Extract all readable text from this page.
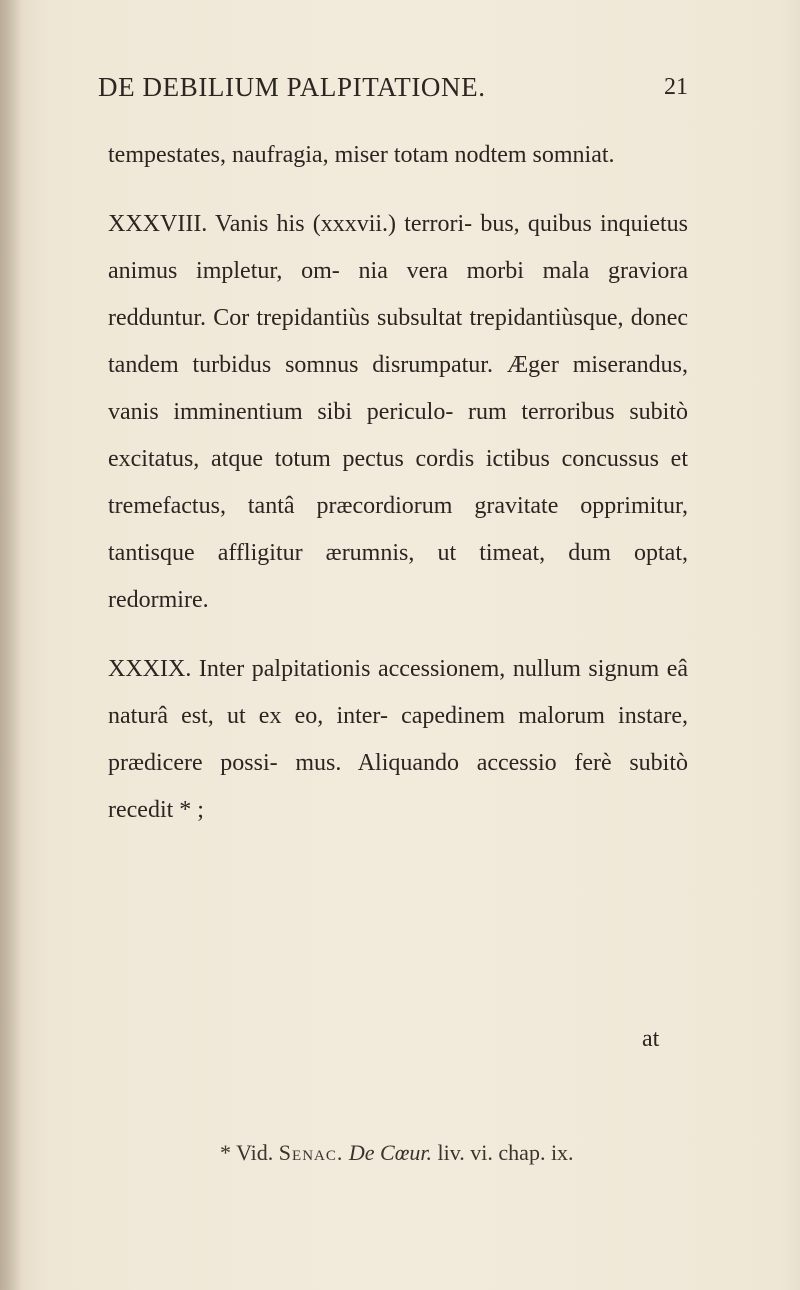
DE DEBILIUM PALPITATIONE.	21

tempestates, naufragia, miser totam nodtem somniat.

XXXVIII. Vanis his (xxxvii.) terrori- bus, quibus inquietus animus impletur, om- nia vera morbi mala graviora redduntur. Cor trepidantiùs subsultat trepidantiùsque, donec tandem turbidus somnus disrumpatur. Æger miserandus, vanis imminentium sibi periculo- rum terroribus subitò excitatus, atque totum pectus cordis ictibus concussus et tremefactus, tantâ præcordiorum gravitate opprimitur, tantisque affligitur ærumnis, ut timeat, dum optat, redormire.

XXXIX. Inter palpitationis accessionem, nullum signum eâ naturâ est, ut ex eo, inter- capedinem malorum instare, prædicere possi- mus. Aliquando accessio ferè subitò recedit * ;

at
* Vid. Senac. De Cœur. liv. vi. chap. ix.
